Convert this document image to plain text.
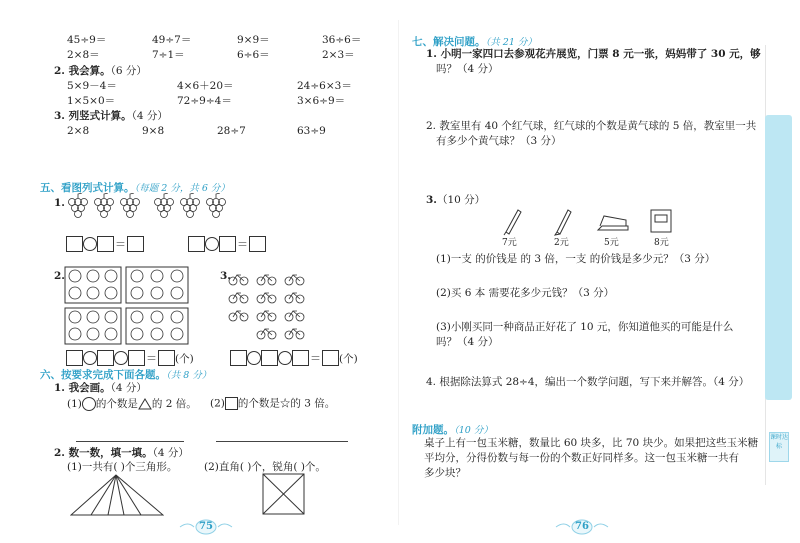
课时达标
45÷9＝	49÷7＝	9×9＝	36÷6＝
2×8＝	7÷1＝	6÷6＝	2×3＝
2. 我会算。（6 分）
5×9－4＝	4×6＋20＝	24÷6×3＝
1×5×0＝	72÷9÷4＝	3×6÷9＝
3. 列竖式计算。（4 分）
2×8	9×8	28÷7	63÷9
五、看图列式计算。（每题 2 分，共 6 分）
1.
＝	＝
2.
＝ (个)
3.
＝ (个)
六、按要求完成下面各题。（共 8 分）
1. 我会画。（4 分）
(1) 的个数是 的 2 倍。 (2) 的个数是☆的 3 倍。
2. 数一数，填一填。（4 分）
(1)一共有( )个三角形。	(2)直角( )个，锐角( )个。
75
七、解决问题。（共 21 分）
1. 小明一家四口去参观花卉展览，门票 8 元一张，妈妈带了 30 元，够
吗？（4 分）
2. 教室里有 40 个红气球，红气球的个数是黄气球的 5 倍，教室里一共
有多少个黄气球？（3 分）
3.（10 分）
7元	2元	5元	8元
(1)一支 的价钱是 的 3 倍，一支 的价钱是多少元？（3 分）
(2)买 6 本 需要花多少元钱？（3 分）
(3)小刚买同一种商品正好花了 10 元，你知道他买的可能是什么
吗？（4 分）
4. 根据除法算式 28÷4，编出一个数学问题，写下来并解答。（4 分）
附加题。（10 分）
桌子上有一包玉米糖，数量比 60 块多，比 70 块少。如果把这些玉米糖
平均分，分得份数与每一份的个数正好同样多。这一包玉米糖一共有
多少块？
76
